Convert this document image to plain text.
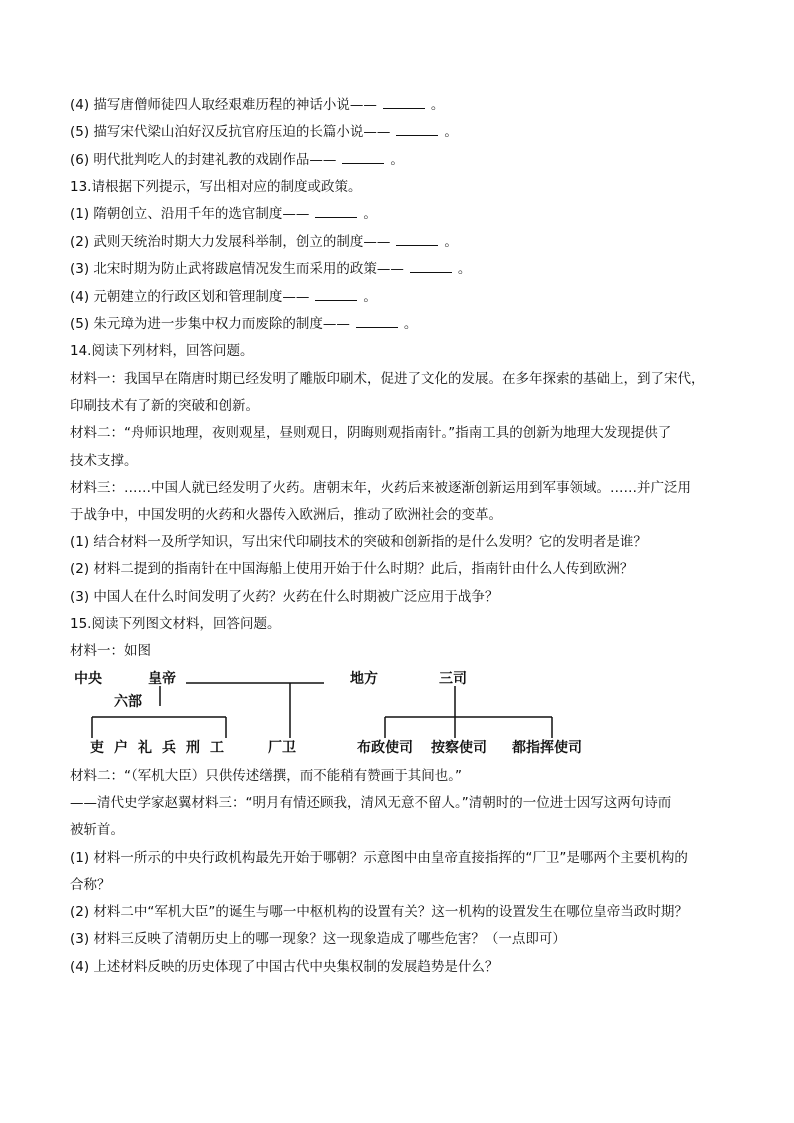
(4) 描写唐僧师徒四人取经艰难历程的神话小说——	。
(5) 描写宋代梁山泊好汉反抗官府压迫的长篇小说——	。
(6) 明代批判吃人的封建礼教的戏剧作品——	。
13.请根据下列提示，写出相对应的制度或政策。
(1) 隋朝创立、沿用千年的选官制度——	。
(2) 武则天统治时期大力发展科举制，创立的制度——	。
(3) 北宋时期为防止武将跋扈情况发生而采用的政策——	。
(4) 元朝建立的行政区划和管理制度——	。
(5) 朱元璋为进一步集中权力而废除的制度——	。
14.阅读下列材料，回答问题。
材料一：我国早在隋唐时期已经发明了雕版印刷术，促进了文化的发展。在多年探索的基础上，到了宋代，
印刷技术有了新的突破和创新。
材料二：“舟师识地理，夜则观星，昼则观日，阴晦则观指南针。”指南工具的创新为地理大发现提供了
技术支撑。
材料三：……中国人就已经发明了火药。唐朝末年，火药后来被逐渐创新运用到军事领域。……并广泛用
于战争中，中国发明的火药和火器传入欧洲后，推动了欧洲社会的变革。
(1) 结合材料一及所学知识，写出宋代印刷技术的突破和创新指的是什么发明？它的发明者是谁？
(2) 材料二提到的指南针在中国海船上使用开始于什么时期？此后，指南针由什么人传到欧洲？
(3) 中国人在什么时间发明了火药？火药在什么时期被广泛应用于战争？
15.阅读下列图文材料，回答问题。
材料一：如图
中央	皇帝	地方	三司
六部
吏 户 礼 兵 刑 工	厂卫	布政使司 按察使司 都指挥使司
材料二：“（军机大臣）只供传述缮撰，而不能稍有赞画于其间也。”
——清代史学家赵翼材料三：“明月有情还顾我，清风无意不留人。”清朝时的一位进士因写这两句诗而
被斩首。
(1) 材料一所示的中央行政机构最先开始于哪朝？示意图中由皇帝直接指挥的“厂卫”是哪两个主要机构的
合称？
(2) 材料二中“军机大臣”的诞生与哪一中枢机构的设置有关？这一机构的设置发生在哪位皇帝当政时期？
(3) 材料三反映了清朝历史上的哪一现象？这一现象造成了哪些危害？（一点即可）
(4) 上述材料反映的历史体现了中国古代中央集权制的发展趋势是什么？
